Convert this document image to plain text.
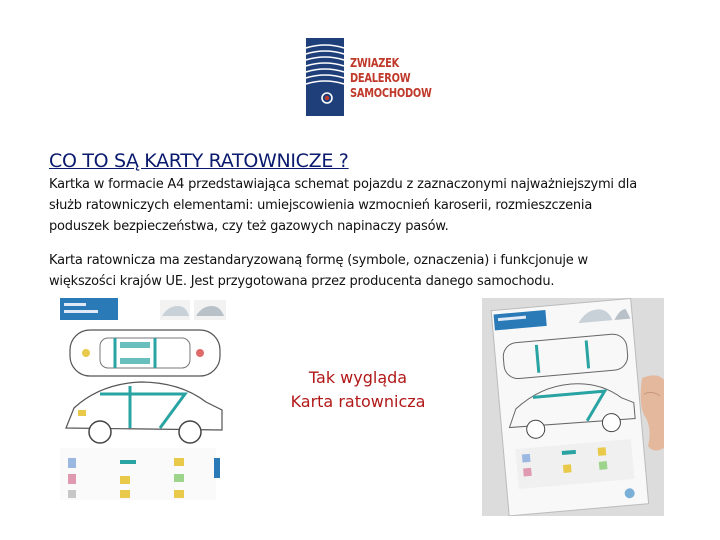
ZWIAZEK
DEALEROW
SAMOCHODOW
CO TO SĄ KARTY RATOWNICZE ?
Kartka w formacie A4 przedstawiająca schemat pojazdu z zaznaczonymi najważniejszymi dla
służb ratowniczych elementami: umiejscowienia wzmocnień karoserii, rozmieszczenia
poduszek bezpieczeństwa, czy też gazowych napinaczy pasów.
Karta ratownicza ma zestandaryzowaną formę (symbole, oznaczenia) i funkcjonuje w
większości krajów UE. Jest przygotowana przez producenta danego samochodu.
Tak wygląda
Karta ratownicza
